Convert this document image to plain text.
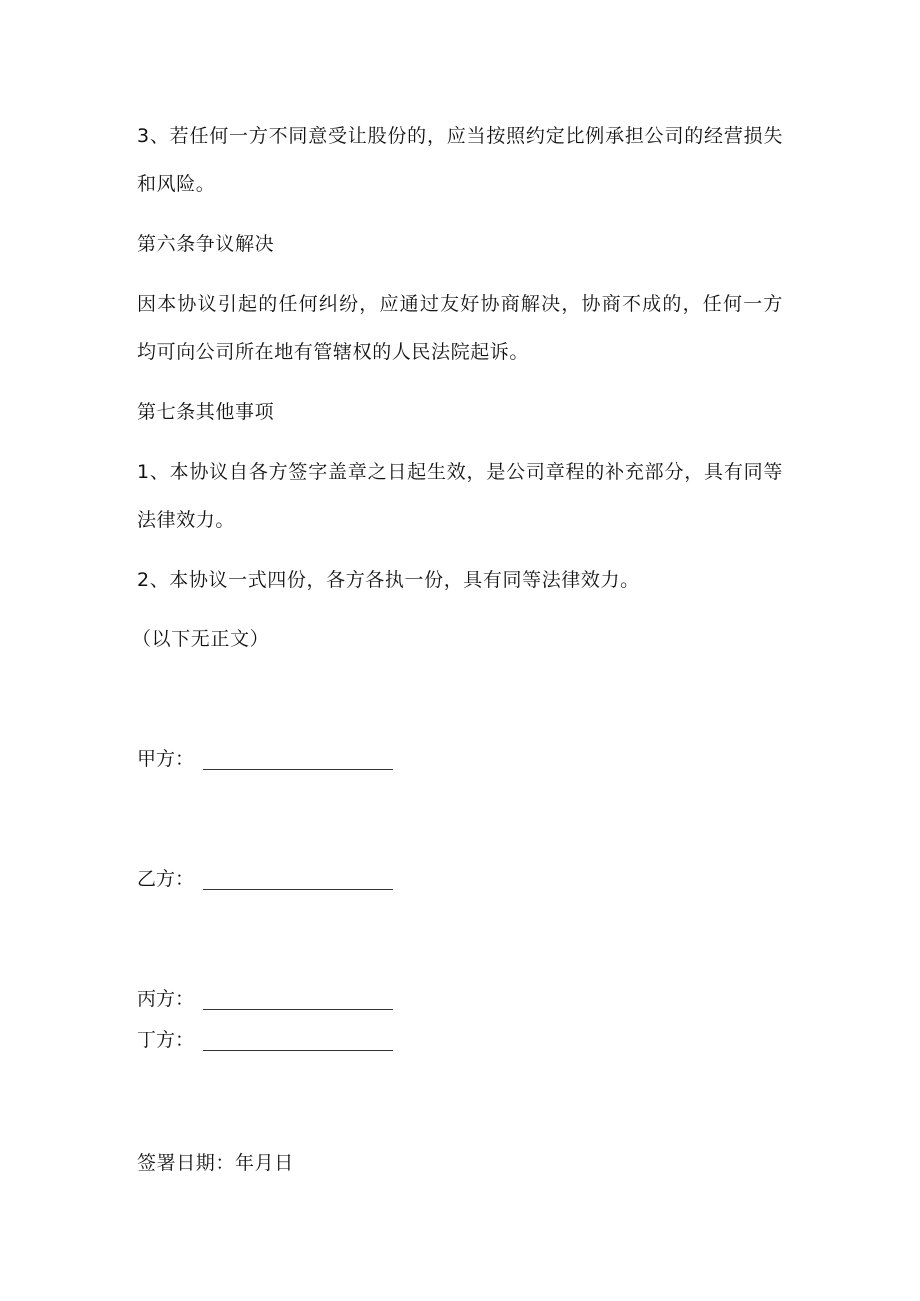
3、若任何一方不同意受让股份的，应当按照约定比例承担公司的经营损失
和风险。
第六条争议解决
因本协议引起的任何纠纷，应通过友好协商解决，协商不成的，任何一方
均可向公司所在地有管辖权的人民法院起诉。
第七条其他事项
1、本协议自各方签字盖章之日起生效，是公司章程的补充部分，具有同等
法律效力。
2、本协议一式四份，各方各执一份，具有同等法律效力。
（以下无正文）
甲方：
乙方：
丙方：
丁方：
签署日期：年月日
